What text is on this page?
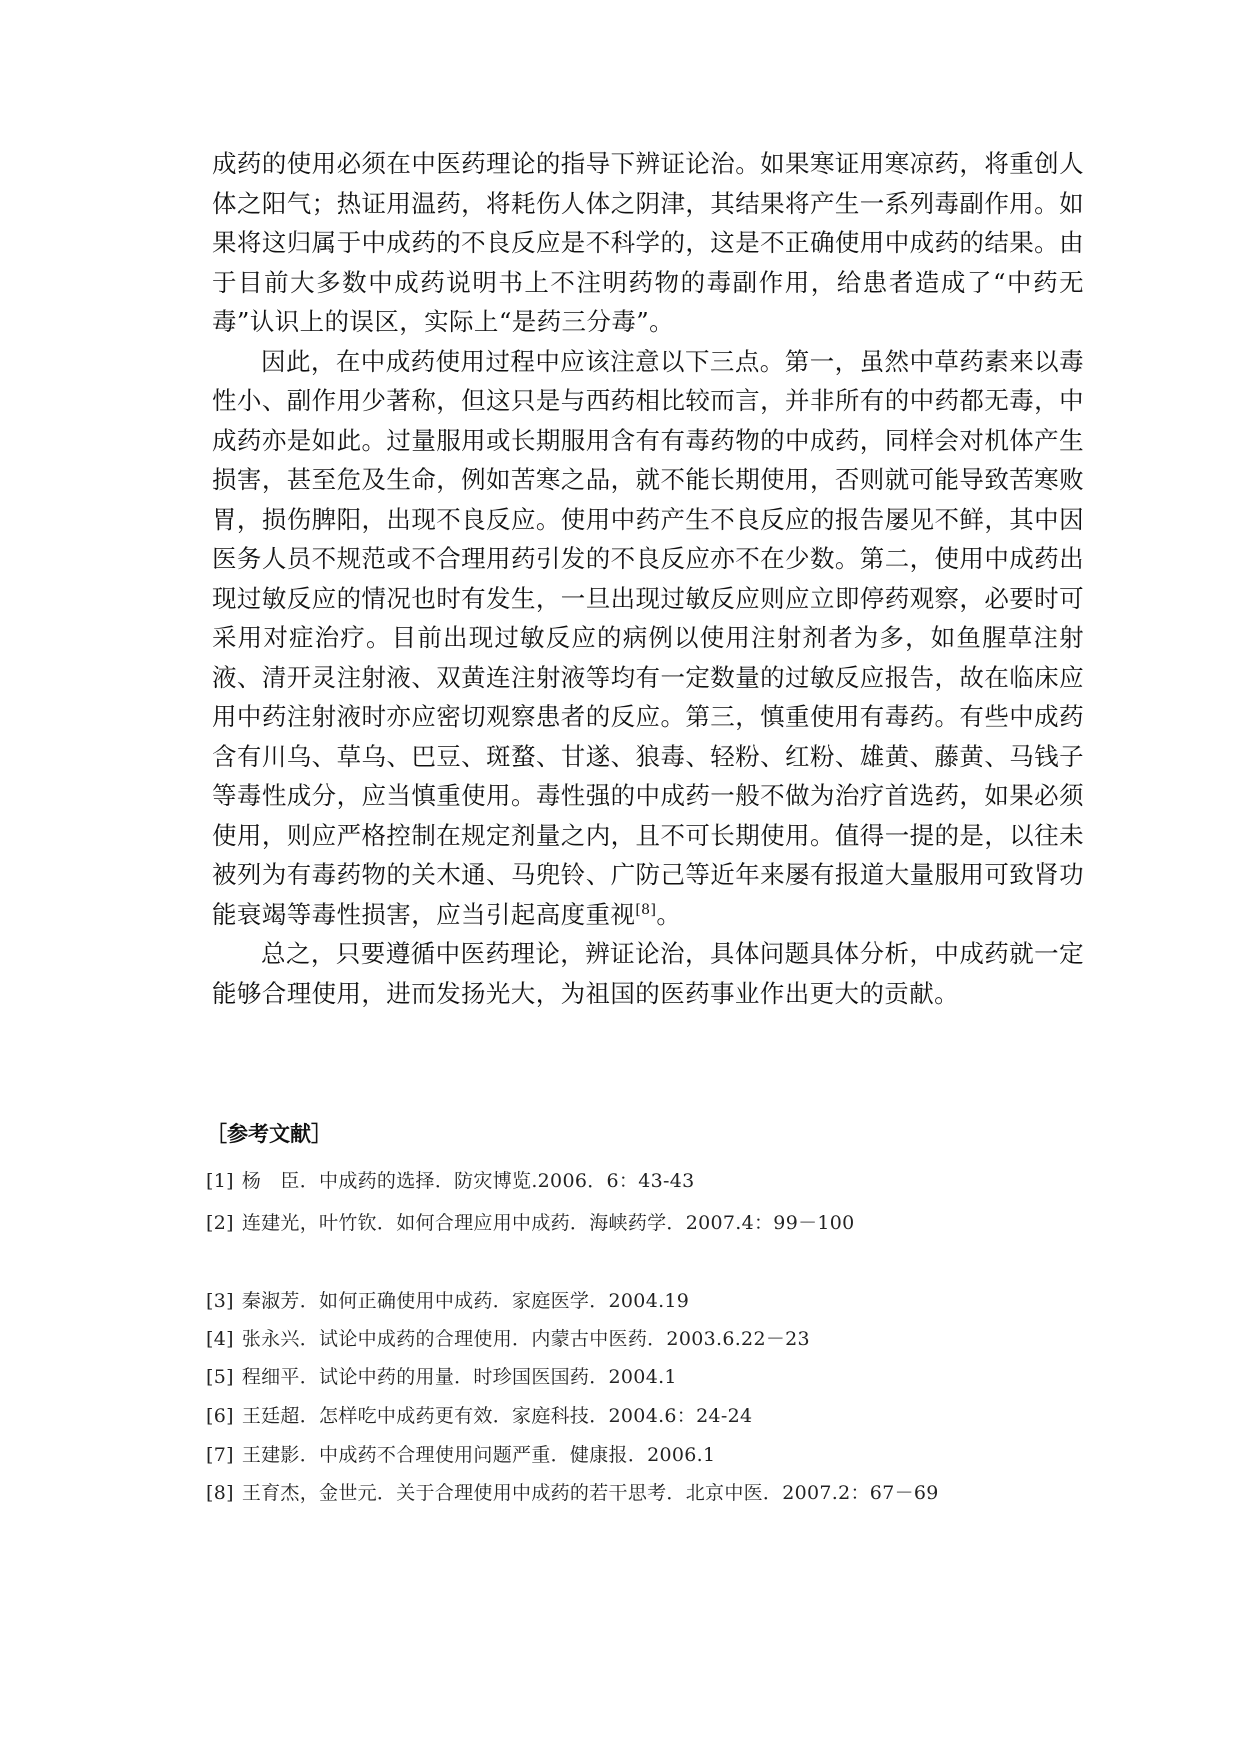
成药的使用必须在中医药理论的指导下辨证论治。如果寒证用寒凉药，将重创人体之阳气；热证用温药，将耗伤人体之阴津，其结果将产生一系列毒副作用。如果将这归属于中成药的不良反应是不科学的，这是不正确使用中成药的结果。由于目前大多数中成药说明书上不注明药物的毒副作用，给患者造成了“中药无毒”认识上的误区，实际上“是药三分毒”。

因此，在中成药使用过程中应该注意以下三点。第一，虽然中草药素来以毒性小、副作用少著称，但这只是与西药相比较而言，并非所有的中药都无毒，中成药亦是如此。过量服用或长期服用含有有毒药物的中成药，同样会对机体产生损害，甚至危及生命，例如苦寒之品，就不能长期使用，否则就可能导致苦寒败胃，损伤脾阳，出现不良反应。使用中药产生不良反应的报告屡见不鲜，其中因医务人员不规范或不合理用药引发的不良反应亦不在少数。第二，使用中成药出现过敏反应的情况也时有发生，一旦出现过敏反应则应立即停药观察，必要时可采用对症治疗。目前出现过敏反应的病例以使用注射剂者为多，如鱼腥草注射液、清开灵注射液、双黄连注射液等均有一定数量的过敏反应报告，故在临床应用中药注射液时亦应密切观察患者的反应。第三，慎重使用有毒药。有些中成药含有川乌、草乌、巴豆、斑蝥、甘遂、狼毒、轻粉、红粉、雄黄、藤黄、马钱子等毒性成分，应当慎重使用。毒性强的中成药一般不做为治疗首选药，如果必须使用，则应严格控制在规定剂量之内，且不可长期使用。值得一提的是，以往未被列为有毒药物的关木通、马兜铃、广防己等近年来屡有报道大量服用可致肾功能衰竭等毒性损害，应当引起高度重视[8]。

总之，只要遵循中医药理论，辨证论治，具体问题具体分析，中成药就一定能够合理使用，进而发扬光大，为祖国的医药事业作出更大的贡献。

［参考文献］
[1] 杨　臣．中成药的选择．防灾博览.2006．6：43-43
[2] 连建光，叶竹钦．如何合理应用中成药．海峡药学．2007.4：99－100
[3] 秦淑芳．如何正确使用中成药．家庭医学．2004.19
[4] 张永兴．试论中成药的合理使用．内蒙古中医药．2003.6.22－23
[5] 程细平．试论中药的用量．时珍国医国药．2004.1
[6] 王廷超．怎样吃中成药更有效．家庭科技．2004.6：24-24
[7] 王建影．中成药不合理使用问题严重．健康报．2006.1
[8] 王育杰，金世元．关于合理使用中成药的若干思考．北京中医．2007.2：67－69
